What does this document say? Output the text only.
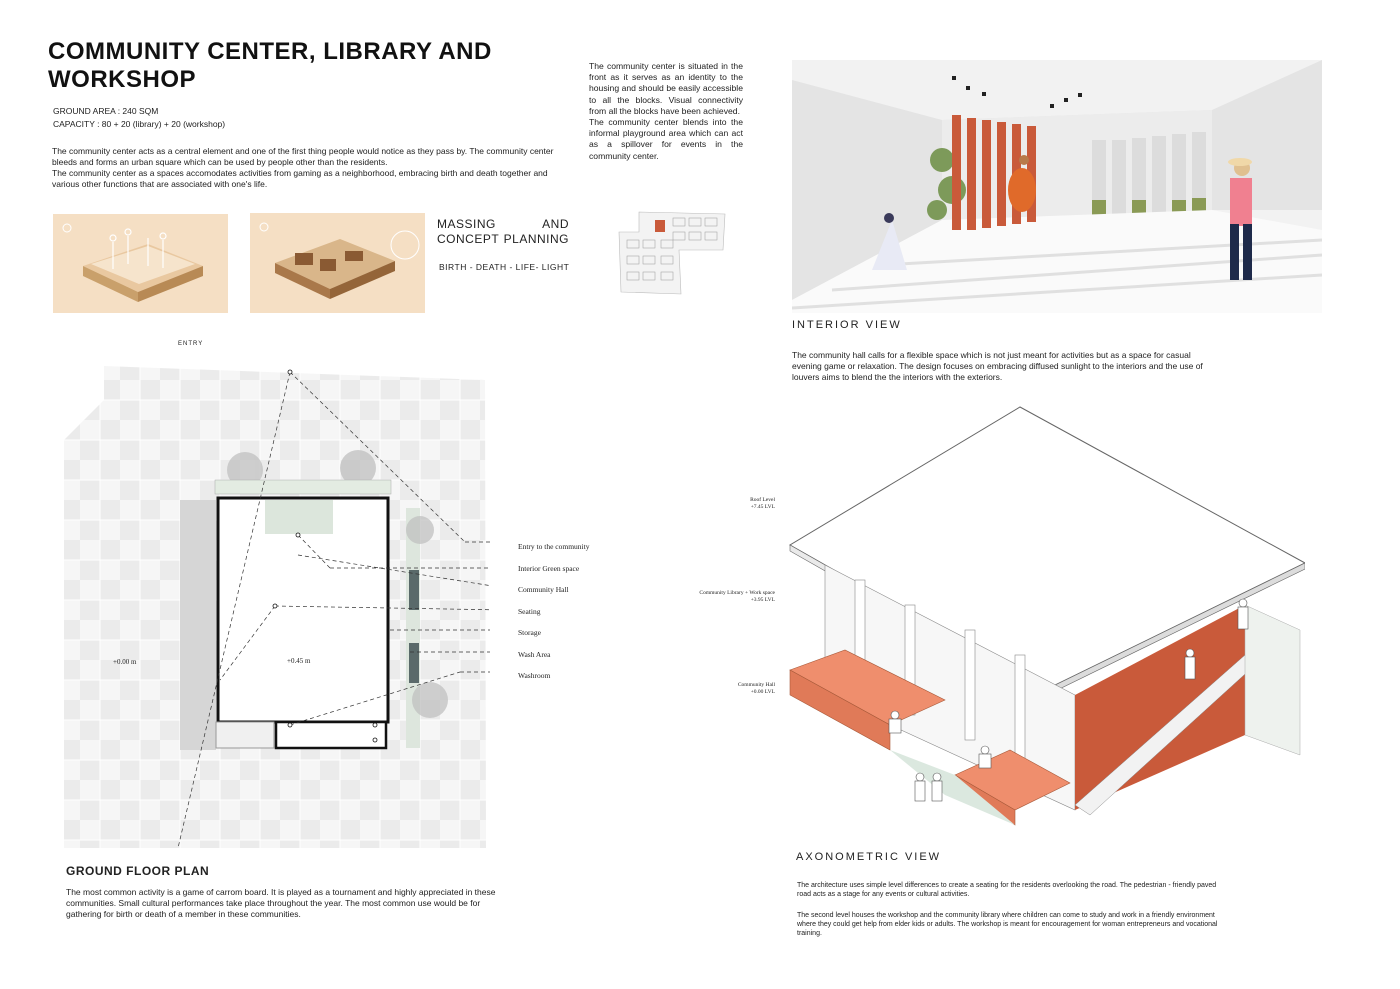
COMMUNITY CENTER, LIBRARY AND WORKSHOP
GROUND AREA : 240 SQM
CAPACITY : 80 + 20 (library) + 20 (workshop)

The community center acts as a central element and one of the first thing people would notice as they pass by. The community center bleeds and forms an urban square which can be used by people other than the residents.
The community center as a spaces accomodates activities from gaming as a neighborhood, embracing birth and death together and various other functions that are associated with one's life.

The community center is situated in the front as it serves as an identity to the housing and should be easily accessible to all the blocks. Visual connectivity from all the blocks have been achieved.
The community center blends into the informal playground area which can act as a spillover for events in the community center.

MASSING AND CONCEPT PLANNING
BIRTH - DEATH - LIFE- LIGHT
INTERIOR VIEW

The community hall calls for a flexible space which is not just meant for activities but as a space for casual evening game or relaxation. The design focuses on embracing diffused sunlight to the interiors and the use of louvers aims to blend the the interiors with the exteriors.

ENTRY
+0.00 m	+0.45 m
Entry to the community
Interior Green space
Community Hall
Seating
Storage
Wash Area
Washroom
GROUND FLOOR PLAN

The most common activity is a game of carrom board. It is played as a tournament and highly appreciated in these communities. Small cultural performances take place throughout the year. The most common use would be for gathering for birth or death of a member in these communities.

Roof Level
+7.45 LVL
Community Library + Work space
+3.95 LVL
Community Hall
+0.00 LVL
AXONOMETRIC VIEW

The architecture uses simple level differences to create a seating for the residents overlooking the road. The pedestrian - friendly paved road acts as a stage for any events or cultural activities.

The second level houses the workshop and the community library where children can come to study and work in a friendly environment where they could get help from elder kids or adults. The workshop is meant for encouragement for woman entrepreneurs and vocational training.
